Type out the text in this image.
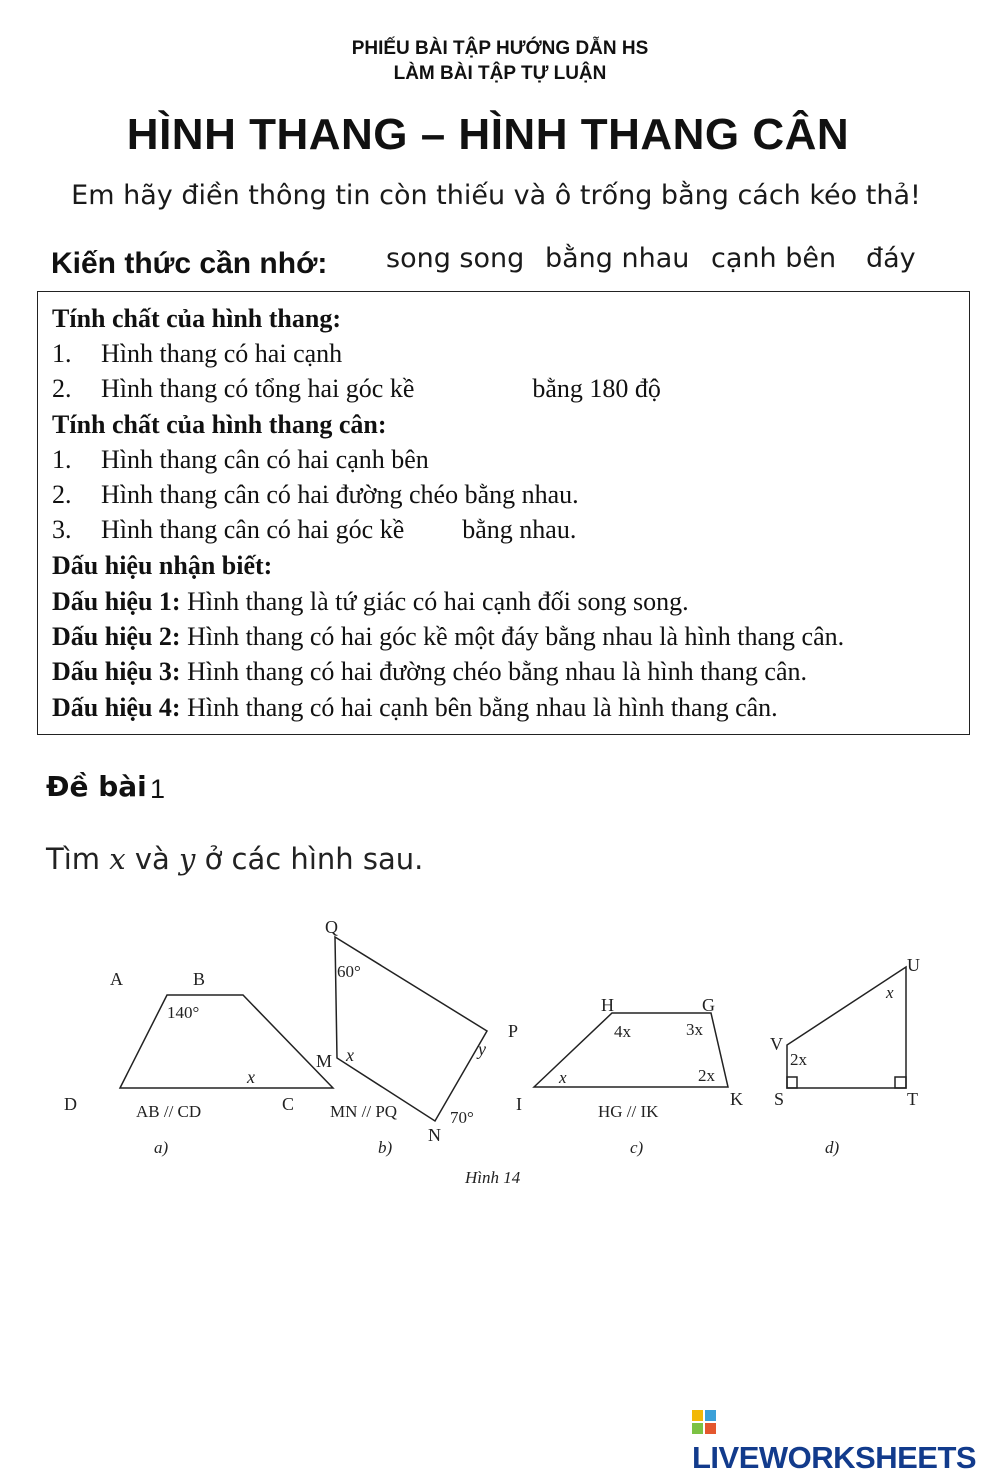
PHIẾU BÀI TẬP HƯỚNG DẪN HS
LÀM BÀI TẬP TỰ LUẬN
HÌNH THANG – HÌNH THANG CÂN
Em hãy điền thông tin còn thiếu và ô trống bằng cách kéo thả!
Kiến thức cần nhớ: song song bằng nhau cạnh bên đáy
Tính chất của hình thang:
1. Hình thang có hai cạnh
2. Hình thang có tổng hai góc kề	bằng 180 độ
Tính chất của hình thang cân:
1. Hình thang cân có hai cạnh bên
2. Hình thang cân có hai đường chéo bằng nhau.
3. Hình thang cân có hai góc kề bằng nhau.
Dấu hiệu nhận biết:
Dấu hiệu 1: Hình thang là tứ giác có hai cạnh đối song song.
Dấu hiệu 2: Hình thang có hai góc kề một đáy bằng nhau là hình thang cân.
Dấu hiệu 3: Hình thang có hai đường chéo bằng nhau là hình thang cân.
Dấu hiệu 4: Hình thang có hai cạnh bên bằng nhau là hình thang cân.
Đề bài 1
Tìm x và y ở các hình sau.
A	B
D	C
140°
x
AB // CD
a)
Q
60°
M x
P
y
N
70°
MN // PQ
b)
H	G
I	K
4x	3x
x	2x
HG // IK
c)
U
x
V
2x
S	T
d)
Hình 14
LIVEWORKSHEETS
